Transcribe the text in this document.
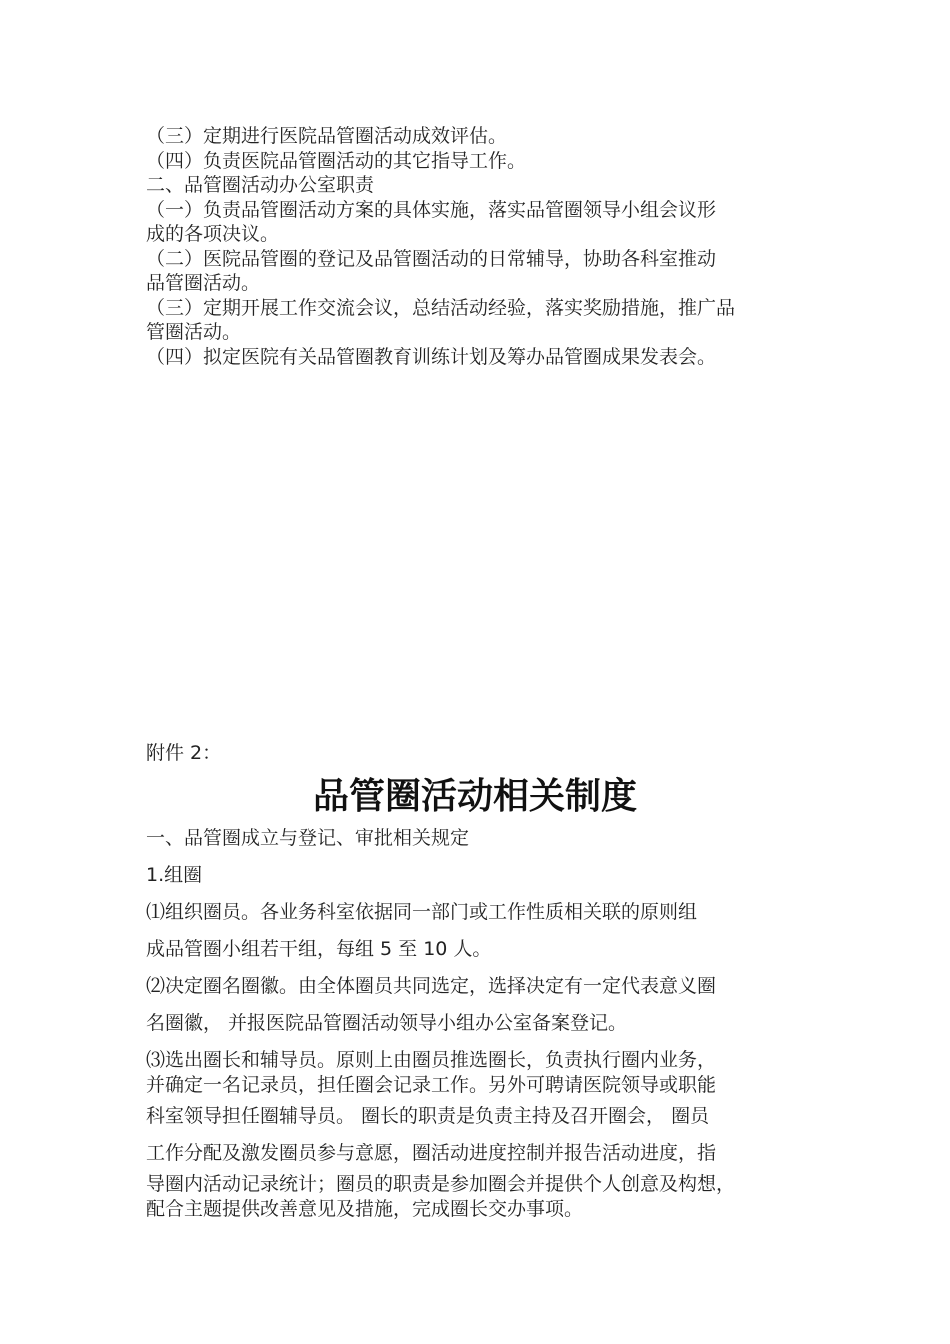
（三）定期进行医院品管圈活动成效评估。

（四）负责医院品管圈活动的其它指导工作。

二、品管圈活动办公室职责

（一）负责品管圈活动方案的具体实施，落实品管圈领导小组会议形

成的各项决议。

（二）医院品管圈的登记及品管圈活动的日常辅导，协助各科室推动

品管圈活动。

（三）定期开展工作交流会议，总结活动经验，落实奖励措施，推广品

管圈活动。

（四）拟定医院有关品管圈教育训练计划及筹办品管圈成果发表会。

附件 2：
品管圈活动相关制度

一、品管圈成立与登记、审批相关规定

1.组圈

⑴组织圈员。各业务科室依据同一部门或工作性质相关联的原则组

成品管圈小组若干组，每组 5 至 10 人。

⑵决定圈名圈徽。由全体圈员共同选定，选择决定有一定代表意义圈

名圈徽， 并报医院品管圈活动领导小组办公室备案登记。

⑶选出圈长和辅导员。原则上由圈员推选圈长，负责执行圈内业务，

并确定一名记录员，担任圈会记录工作。另外可聘请医院领导或职能

科室领导担任圈辅导员。 圈长的职责是负责主持及召开圈会， 圈员

工作分配及激发圈员参与意愿，圈活动进度控制并报告活动进度，指

导圈内活动记录统计；圈员的职责是参加圈会并提供个人创意及构想，

配合主题提供改善意见及措施，完成圈长交办事项。
